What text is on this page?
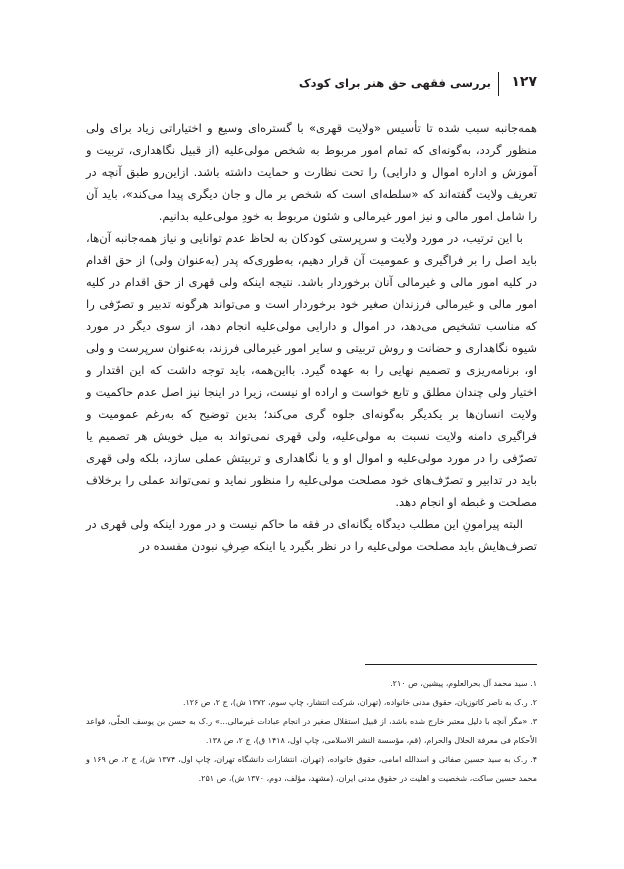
۱۲۷
بررسی فقهی حق هنر برای کودک

همه‌جانبه سبب شده تا تأسیس «ولایت قهری» با گستره‌ای وسیع و اختیاراتی زیاد برای ولی منظور گردد، به‌گونه‌ای که تمام امور مربوط به شخص مولی‌علیه (از قبیل نگاهداری، تربیت و آموزش و اداره اموال و دارایی) را تحت نظارت و حمایت داشته باشد. ازاین‌رو طبق آنچه در تعریف ولایت گفته‌اند که «سلطه‌ای است که شخص بر مال و جان دیگری پیدا می‌کند»، باید آن را شامل امور مالی و نیز امور غیرمالی و شئون مربوط به خودِ مولی‌علیه بدانیم.

با این ترتیب، در مورد ولایت و سرپرستی کودکان به لحاظ عدم توانایی و نیاز همه‌جانبه آن‌ها، باید اصل را بر فراگیری و عمومیت آن قرار دهیم، به‌طوری‌که پدر (به‌عنوان ولی) از حق اقدام در کلیه امور مالی و غیرمالی آنان برخوردار باشد. نتیجه اینکه ولی قهری از حق اقدام در کلیه امور مالی و غیرمالی فرزندان صغیر خود برخوردار است و می‌تواند هرگونه تدبیر و تصرّفی را که مناسب تشخیص می‌دهد، در اموال و دارایی مولی‌علیه انجام دهد، از سوی دیگر در مورد شیوه نگاهداری و حضانت و روش تربیتی و سایر امور غیرمالی فرزند، به‌عنوان سرپرست و ولی او، برنامه‌ریزی و تصمیم نهایی را به عهده گیرد. بااین‌همه، باید توجه داشت که این اقتدار و اختیار ولی چندان مطلق و تابع خواست و اراده او نیست، زیرا در اینجا نیز اصل عدم حاکمیت و ولایت انسان‌ها بر یکدیگر به‌گونه‌ای جلوه گری می‌کند؛ بدین توضیح که به‌رغم عمومیت و فراگیری دامنه ولایت نسبت به مولی‌علیه، ولی قهری نمی‌تواند به میل خویش هر تصمیم یا تصرّفی را در مورد مولی‌علیه و اموال او و یا نگاهداری و تربیتش عملی سازد، بلکه ولی قهری باید در تدابیر و تصرّف‌های خود مصلحت مولی‌علیه را منظور نماید و نمی‌تواند عملی را برخلاف مصلحت و غبطه او انجام دهد.

البته پیرامونِ این مطلب دیدگاه یگانه‌ای در فقه ما حاکم نیست و در مورد اینکه ولی قهری در تصرف‌هایش باید مصلحت مولی‌علیه را در نظر بگیرد یا اینکه صِرفِ نبودن مفسده در

۱. سید محمد آل بحرالعلوم، پیشین، ص ۲۱۰.
۲. ر.ک به ناصر کاتوزیان، حقوق مدنی خانواده، (تهران، شرکت انتشار، چاپ سوم، ۱۳۷۲ ش)، ج ۲، ص ۱۲۶.
۳. «مگر آنچه با دلیل معتبر خارج شده باشد، از قبیل استقلال صغیر در انجام عبادات غیرمالی...» ر.ک به حسن بن یوسف الحلّی، قواعد الأحکام فی معرفة الحلال والحرام، (قم، مؤسسة النشر الاسلامی، چاپ اول، ۱۴۱۸ ق)، ج ۲، ص ۱۳۸.
۴. ر.ک به سید حسین صفائی و اسدالله امامی، حقوق خانواده، (تهران، انتشارات دانشگاه تهران، چاپ اول، ۱۳۷۴ ش)، ج ۲، ص ۱۶۹ و محمد حسین ساکت، شخصیت و اهلیت در حقوق مدنی ایران، (مشهد، مؤلف، دوم، ۱۳۷۰ ش)، ص ۲۵۱.
